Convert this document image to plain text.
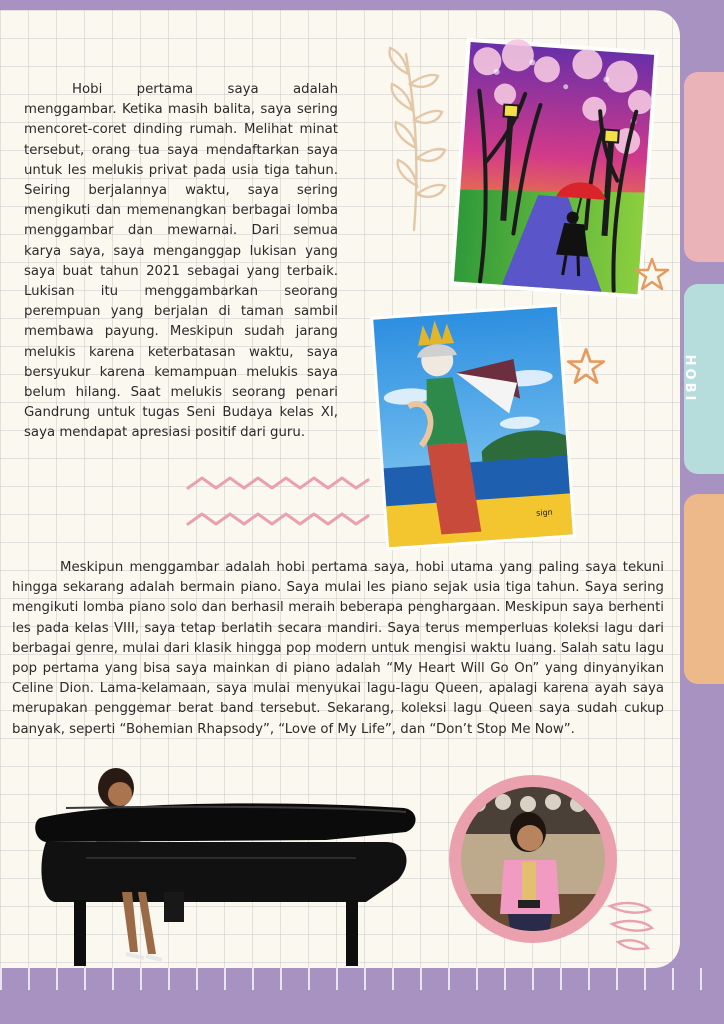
HOBI

Hobi pertama saya adalah menggambar. Ketika masih balita, saya sering mencoret-coret dinding rumah. Melihat minat tersebut, orang tua saya mendaftarkan saya untuk les melukis privat pada usia tiga tahun. Seiring berjalannya waktu, saya sering mengikuti dan memenangkan berbagai lomba menggambar dan mewarnai. Dari semua karya saya, saya menganggap lukisan yang saya buat tahun 2021 sebagai yang terbaik. Lukisan itu menggambarkan seorang perempuan yang berjalan di taman sambil membawa payung. Meskipun sudah jarang melukis karena keterbatasan waktu, saya bersyukur karena kemampuan melukis saya belum hilang. Saat melukis seorang penari Gandrung untuk tugas Seni Budaya kelas XI, saya mendapat apresiasi positif dari guru.

sign

Meskipun menggambar adalah hobi pertama saya, hobi utama yang paling saya tekuni hingga sekarang adalah bermain piano. Saya mulai les piano sejak usia tiga tahun. Saya sering mengikuti lomba piano solo dan berhasil meraih beberapa penghargaan. Meskipun saya berhenti les pada kelas VIII, saya tetap berlatih secara mandiri. Saya terus memperluas koleksi lagu dari berbagai genre, mulai dari klasik hingga pop modern untuk mengisi waktu luang. Salah satu lagu pop pertama yang bisa saya mainkan di piano adalah “My Heart Will Go On” yang dinyanyikan Celine Dion. Lama-kelamaan, saya mulai menyukai lagu-lagu Queen, apalagi karena ayah saya merupakan penggemar berat band tersebut. Sekarang, koleksi lagu Queen saya sudah cukup banyak, seperti “Bohemian Rhapsody”, “Love of My Life”, dan “Don’t Stop Me Now”.
